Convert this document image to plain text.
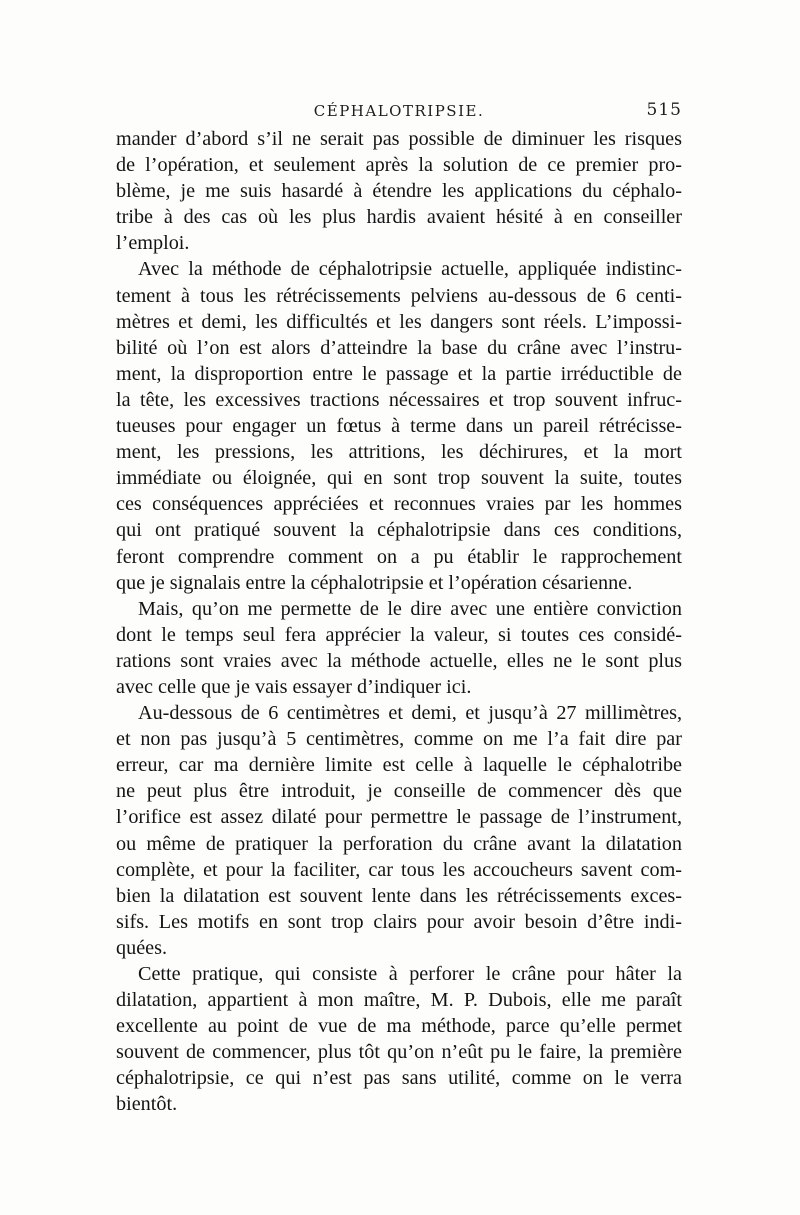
CÉPHALOTRIPSIE.	515
mander d’abord s’il ne serait pas possible de diminuer les risques
de l’opération, et seulement après la solution de ce premier pro-
blème, je me suis hasardé à étendre les applications du céphalo-
tribe à des cas où les plus hardis avaient hésité à en conseiller
l’emploi.
Avec la méthode de céphalotripsie actuelle, appliquée indistinc-
tement à tous les rétrécissements pelviens au-dessous de 6 centi-
mètres et demi, les difficultés et les dangers sont réels. L’impossi-
bilité où l’on est alors d’atteindre la base du crâne avec l’instru-
ment, la disproportion entre le passage et la partie irréductible de
la tête, les excessives tractions nécessaires et trop souvent infruc-
tueuses pour engager un fœtus à terme dans un pareil rétrécisse-
ment, les pressions, les attritions, les déchirures, et la mort
immédiate ou éloignée, qui en sont trop souvent la suite, toutes
ces conséquences appréciées et reconnues vraies par les hommes
qui ont pratiqué souvent la céphalotripsie dans ces conditions,
feront comprendre comment on a pu établir le rapprochement
que je signalais entre la céphalotripsie et l’opération césarienne.
Mais, qu’on me permette de le dire avec une entière conviction
dont le temps seul fera apprécier la valeur, si toutes ces considé-
rations sont vraies avec la méthode actuelle, elles ne le sont plus
avec celle que je vais essayer d’indiquer ici.
Au-dessous de 6 centimètres et demi, et jusqu’à 27 millimètres,
et non pas jusqu’à 5 centimètres, comme on me l’a fait dire par
erreur, car ma dernière limite est celle à laquelle le céphalotribe
ne peut plus être introduit, je conseille de commencer dès que
l’orifice est assez dilaté pour permettre le passage de l’instrument,
ou même de pratiquer la perforation du crâne avant la dilatation
complète, et pour la faciliter, car tous les accoucheurs savent com-
bien la dilatation est souvent lente dans les rétrécissements exces-
sifs. Les motifs en sont trop clairs pour avoir besoin d’être indi-
quées.
Cette pratique, qui consiste à perforer le crâne pour hâter la
dilatation, appartient à mon maître, M. P. Dubois, elle me paraît
excellente au point de vue de ma méthode, parce qu’elle permet
souvent de commencer, plus tôt qu’on n’eût pu le faire, la première
céphalotripsie, ce qui n’est pas sans utilité, comme on le verra
bientôt.
